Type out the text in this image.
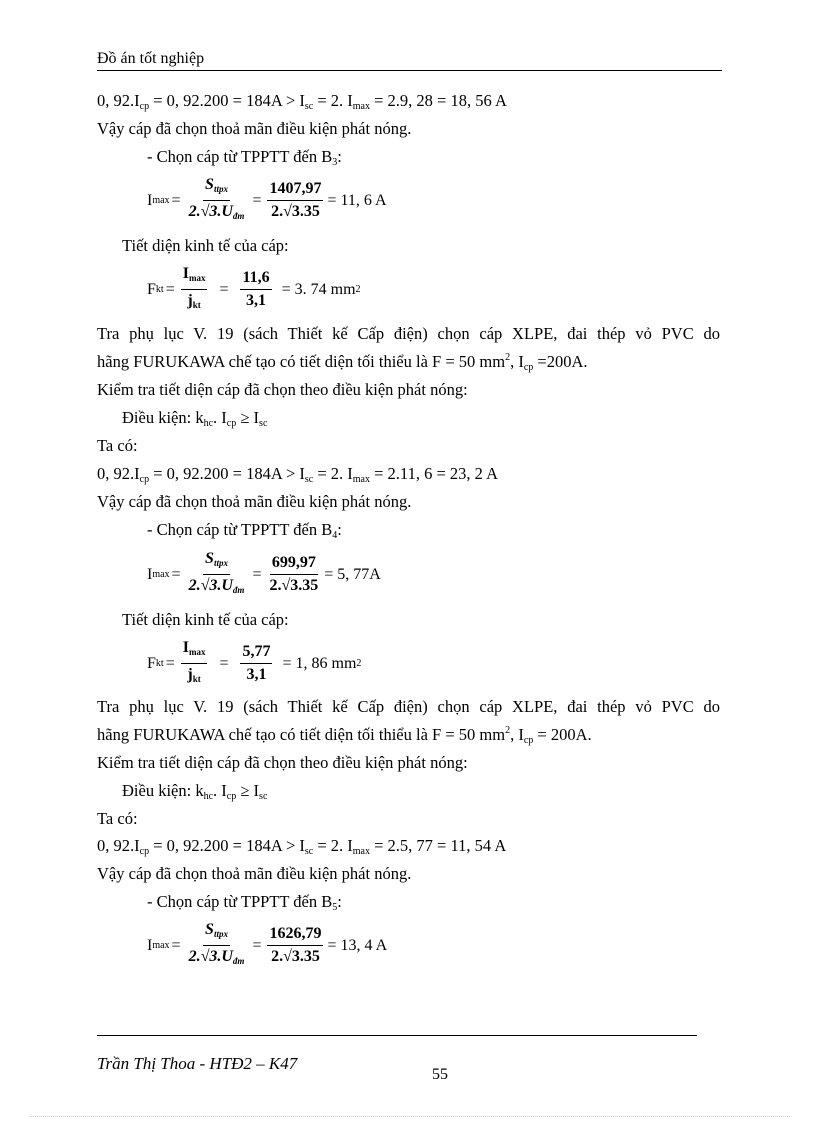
Đồ án tốt nghiệp
0, $92.I_{cp} = 0$, $92.200 = 184A > I_{sc} = 2$. $I_{max} = 2.9$, 28 = 18, 56 A
Vậy cáp đã chọn thoả mãn điều kiện phát nóng.
- Chọn cáp từ TPPTT đến $B_3$:
I $\max = \frac{\text{Sttpx}}{\text{2.√3.Uđm}} = \frac{1407,97}{2.√3.35} = 11$, 6 A
Tiết diện kinh tế của cáp:
F kt = $\frac{Imax}{\text{jkt}} = \frac{11,6}{3,1} = 3$. 74 mm 2
Tra phụ lục V. 19 (sách Thiết kế Cấp điện) chọn cáp XLPE, đai thép vỏ PVC do
hãng FURUKAWA chế tạo có tiết diện tối thiểu là F = 50 $mm^2$, $I_{cp} =200A$.
Kiểm tra tiết diện cáp đã chọn theo điều kiện phát nóng:
Điều kiện: $k_{hc}$. $I_{cp} \ge I_{sc}$
Ta có:
0, $92.I_{cp} = 0$, $92.200 = 184A > I_{sc} = 2$. $I_{max} = 2.11$, 6 = 23, 2 A
Vậy cáp đã chọn thoả mãn điều kiện phát nóng.
- Chọn cáp từ TPPTT đến $B_4$:
I $\max = \frac{\text{Sttpx}}{\text{2.√3.Uđm}} = \frac{699,97}{2.√3.35} = 5$, 77A
Tiết diện kinh tế của cáp:
F kt = $\frac{Imax}{\text{jkt}} = \frac{5,77}{3,1} = 1$, 86 mm 2
Tra phụ lục V. 19 (sách Thiết kế Cấp điện) chọn cáp XLPE, đai thép vỏ PVC do
hãng FURUKAWA chế tạo có tiết diện tối thiểu là F = 50 $mm^2$, $I_{cp} = 200A$.
Kiểm tra tiết diện cáp đã chọn theo điều kiện phát nóng:
Điều kiện: $k_{hc}$. $I_{cp} \ge I_{sc}$
Ta có:
0, $92.I_{cp} = 0$, $92.200 = 184A > I_{sc} = 2$. $I_{max} = 2.5$, 77 = 11, 54 A
Vậy cáp đã chọn thoả mãn điều kiện phát nóng.
- Chọn cáp từ TPPTT đến $B_5$:
I $\max = \frac{\text{Sttpx}}{\text{2.√3.Uđm}} = \frac{1626,79}{2.√3.35} = 13$, 4 A
Trần Thị Thoa - HTĐ2 – K47
55
